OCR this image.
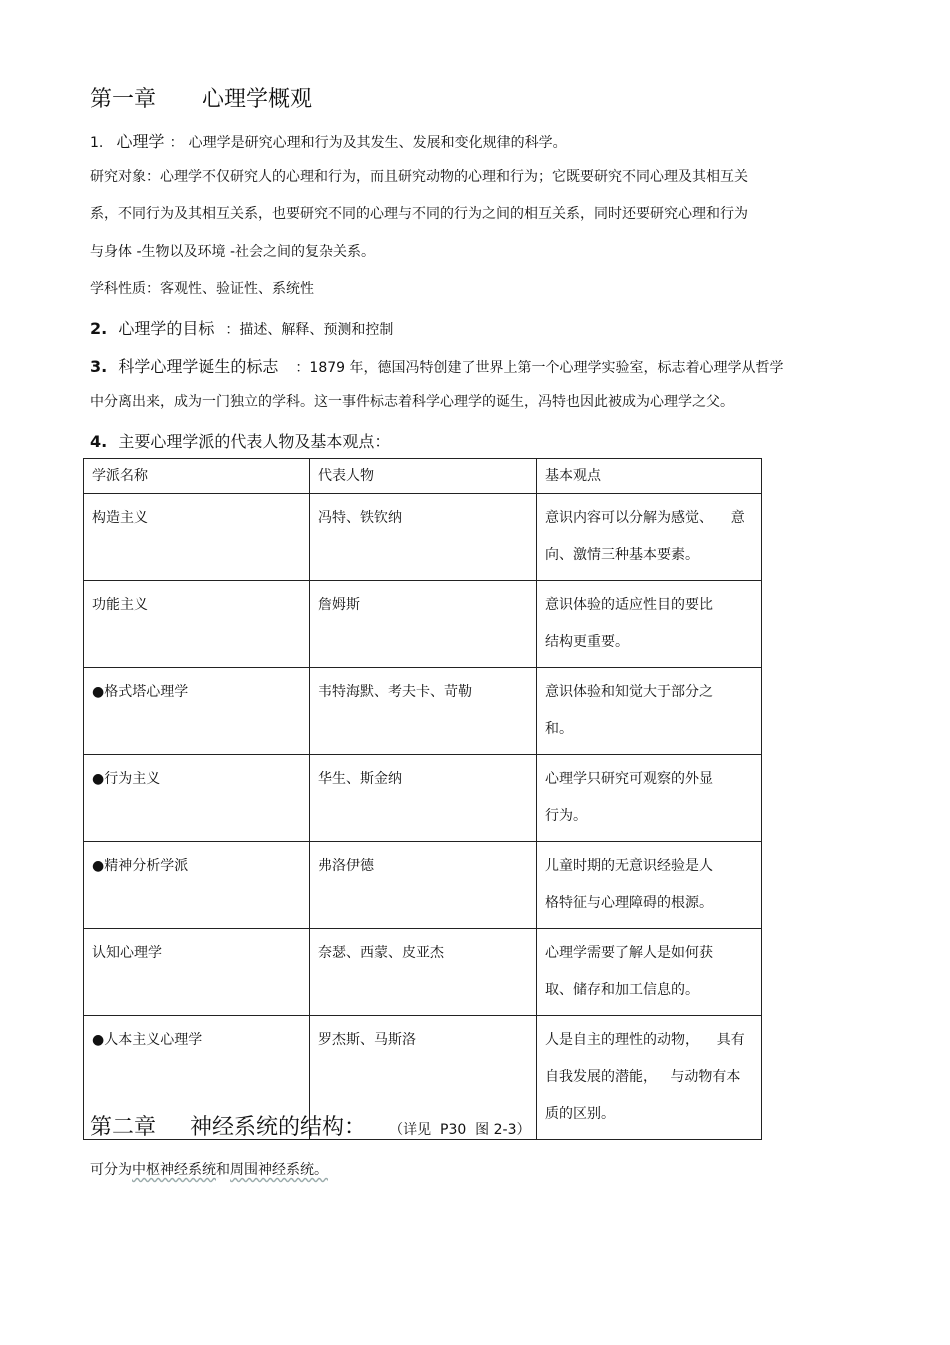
第一章 心理学概观
1. 心理学 ： 心理学是研究心理和行为及其发生、发展和变化规律的科学。
研究对象：心理学不仅研究人的心理和行为，而且研究动物的心理和行为；它既要研究不同心理及其相互关
系，不同行为及其相互关系，也要研究不同的心理与不同的行为之间的相互关系，同时还要研究心理和行为
与身体 -生物以及环境 -社会之间的复杂关系。
学科性质：客观性、验证性、系统性
2. 心理学的目标 ：描述、解释、预测和控制
3. 科学心理学诞生的标志 ：1879 年，德国冯特创建了世界上第一个心理学实验室，标志着心理学从哲学
中分离出来，成为一门独立的学科。这一事件标志着科学心理学的诞生，冯特也因此被成为心理学之父。
4. 主要心理学派的代表人物及基本观点：
学派名称	代表人物	基本观点
构造主义	冯特、铁钦纳	意识内容可以分解为感觉、    意
向、激情三种基本要素。

功能主义	詹姆斯	意识体验的适应性目的要比
结构更重要。

●格式塔心理学	韦特海默、考夫卡、苛勒	意识体验和知觉大于部分之
和。

●行为主义	华生、斯金纳	心理学只研究可观察的外显
行为。

●精神分析学派	弗洛伊德	儿童时期的无意识经验是人
格特征与心理障碍的根源。

认知心理学	奈瑟、西蒙、皮亚杰	心理学需要了解人是如何获
取、储存和加工信息的。

●人本主义心理学	罗杰斯、马斯洛	人是自主的理性的动物，    具有
自我发展的潜能，   与动物有本
质的区别。
第二章 神经系统的结构： （详见  P30  图 2-3）
可分为中枢神经系统和周围神经系统。
